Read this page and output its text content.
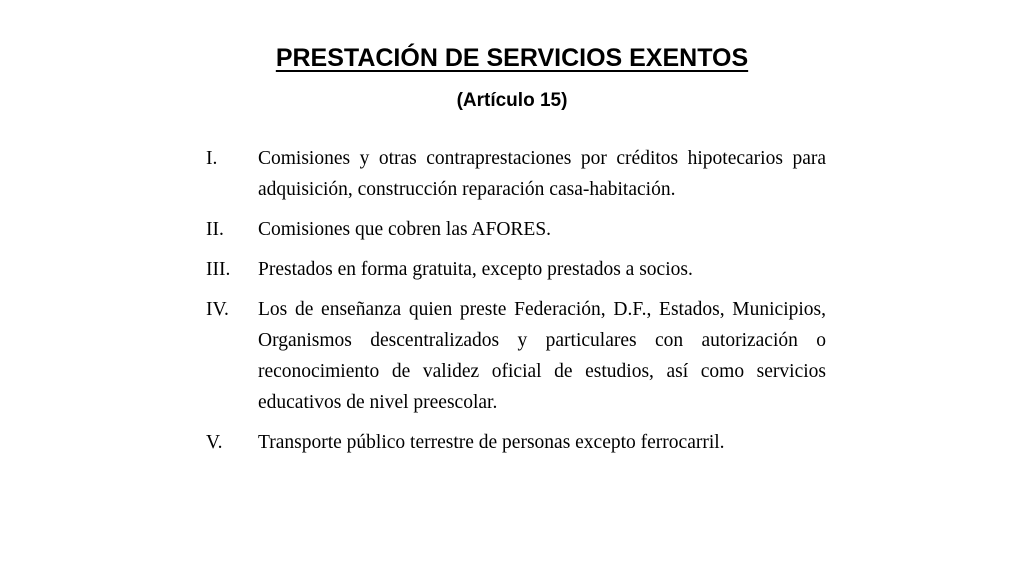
PRESTACIÓN DE SERVICIOS EXENTOS
(Artículo 15)
I. Comisiones y otras contraprestaciones por créditos hipotecarios para adquisición, construcción reparación casa-habitación.
II. Comisiones que cobren las AFORES.
III. Prestados en forma gratuita, excepto prestados a socios.
IV. Los de enseñanza quien preste Federación, D.F., Estados, Municipios, Organismos descentralizados y particulares con autorización o reconocimiento de validez oficial de estudios, así como servicios educativos de nivel preescolar.
V. Transporte público terrestre de personas excepto ferrocarril.
